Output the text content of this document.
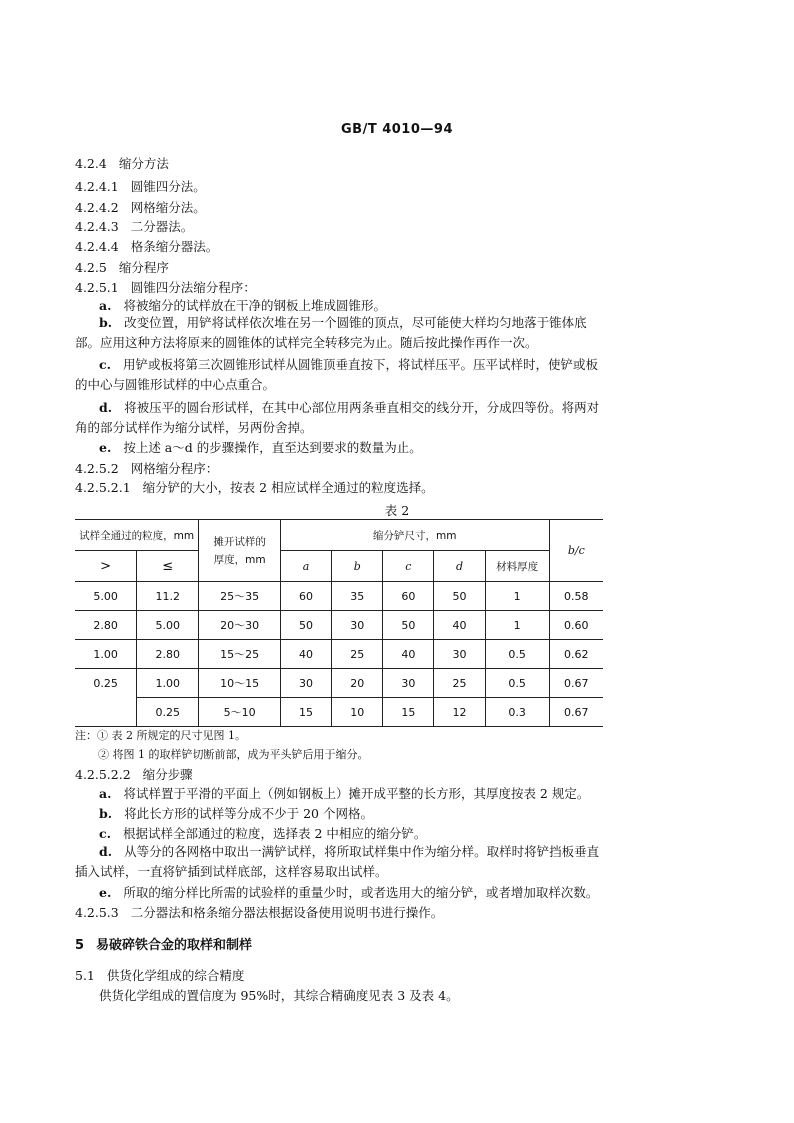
GB/T 4010—94
4.2.4 缩分方法
4.2.4.1 圆锥四分法。
4.2.4.2 网格缩分法。
4.2.4.3 二分器法。
4.2.4.4 格条缩分器法。
4.2.5 缩分程序
4.2.5.1 圆锥四分法缩分程序：
a. 将被缩分的试样放在干净的钢板上堆成圆锥形。
b. 改变位置，用铲将试样依次堆在另一个圆锥的顶点，尽可能使大样均匀地落于锥体底部。应用这种方法将原来的圆锥体的试样完全转移完为止。随后按此操作再作一次。
c. 用铲或板将第三次圆锥形试样从圆锥顶垂直按下，将试样压平。压平试样时，使铲或板的中心与圆锥形试样的中心点重合。
d. 将被压平的圆台形试样，在其中心部位用两条垂直相交的线分开，分成四等份。将两对角的部分试样作为缩分试样，另两份舍掉。
e. 按上述 a～d 的步骤操作，直至达到要求的数量为止。
4.2.5.2 网格缩分程序：
4.2.5.2.1 缩分铲的大小，按表 2 相应试样全通过的粒度选择。
表 2
试样全通过的粒度，mm		摊开试样的
厚度，mm	缩分铲尺寸，mm					b/c
>	≤		a	b	c	d	材料厚度	
5.00	11.2	25～35	60	35	60	50	1	0.58
2.80	5.00	20～30	50	30	50	40	1	0.60
1.00	2.80	15～25	40	25	40	30	0.5	0.62
0.25	1.00	10～15	30	20	30	25	0.5	0.67
	0.25	5～10	15	10	15	12	0.3	0.67
注：① 表 2 所规定的尺寸见图 1。
② 将图 1 的取样铲切断前部，成为平头铲后用于缩分。
4.2.5.2.2 缩分步骤
a. 将试样置于平滑的平面上（例如钢板上）摊开成平整的长方形，其厚度按表 2 规定。
b. 将此长方形的试样等分成不少于 20 个网格。
c. 根据试样全部通过的粒度，选择表 2 中相应的缩分铲。
d. 从等分的各网格中取出一满铲试样，将所取试样集中作为缩分样。取样时将铲挡板垂直插入试样，一直将铲插到试样底部，这样容易取出试样。
e. 所取的缩分样比所需的试验样的重量少时，或者选用大的缩分铲，或者增加取样次数。
4.2.5.3 二分器法和格条缩分器法根据设备使用说明书进行操作。
5 易破碎铁合金的取样和制样
5.1 供货化学组成的综合精度
供货化学组成的置信度为 95%时，其综合精确度见表 3 及表 4。
